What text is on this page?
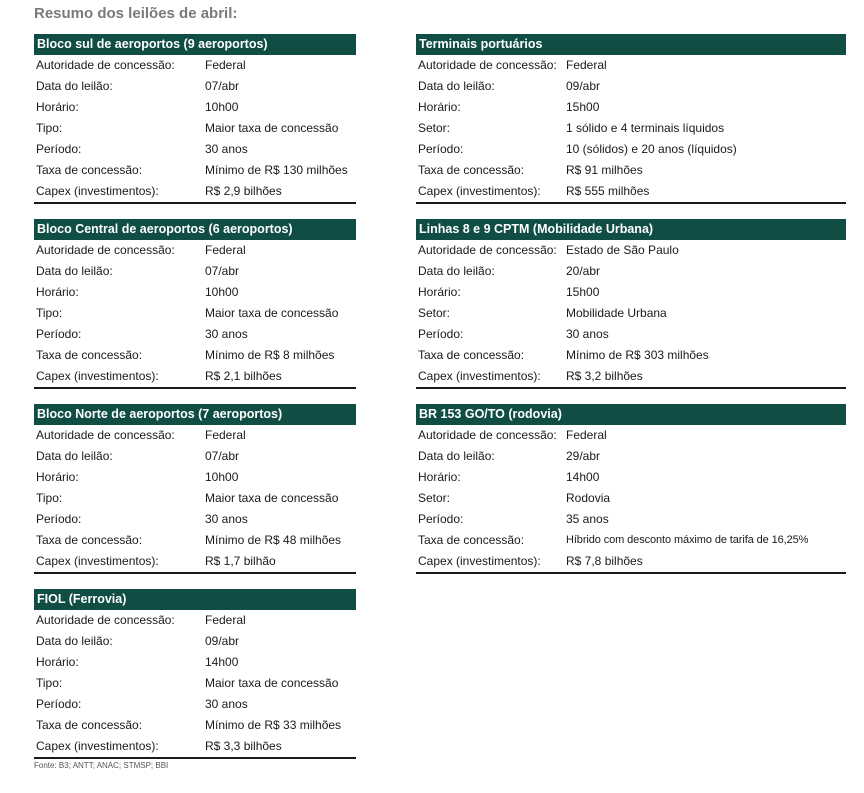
Resumo dos leilões de abril:
Bloco sul de aeroportos (9 aeroportos)
Autoridade de concessão:	Federal
Data do leilão:	07/abr
Horário:	10h00
Tipo:	Maior taxa de concessão
Período:	30 anos
Taxa de concessão:	Mínimo de R$ 130 milhões
Capex (investimentos):	R$ 2,9 bilhões
Bloco Central de aeroportos (6 aeroportos)
Autoridade de concessão:	Federal
Data do leilão:	07/abr
Horário:	10h00
Tipo:	Maior taxa de concessão
Período:	30 anos
Taxa de concessão:	Mínimo de R$ 8 milhões
Capex (investimentos):	R$ 2,1 bilhões
Bloco Norte de aeroportos (7 aeroportos)
Autoridade de concessão:	Federal
Data do leilão:	07/abr
Horário:	10h00
Tipo:	Maior taxa de concessão
Período:	30 anos
Taxa de concessão:	Mínimo de R$ 48 milhões
Capex (investimentos):	R$ 1,7 bilhão
FIOL (Ferrovia)
Autoridade de concessão:	Federal
Data do leilão:	09/abr
Horário:	14h00
Tipo:	Maior taxa de concessão
Período:	30 anos
Taxa de concessão:	Mínimo de R$ 33 milhões
Capex (investimentos):	R$ 3,3 bilhões
Terminais portuários
Autoridade de concessão: Federal
Data do leilão:	09/abr
Horário:	15h00
Setor:	1 sólido e 4 terminais líquidos
Período:	10 (sólidos) e 20 anos (líquidos)
Taxa de concessão:	R$ 91 milhões
Capex (investimentos):	R$ 555 milhões
Linhas 8 e 9 CPTM (Mobilidade Urbana)
Autoridade de concessão: Estado de São Paulo
Data do leilão:	20/abr
Horário:	15h00
Setor:	Mobilidade Urbana
Período:	30 anos
Taxa de concessão:	Mínimo de R$ 303 milhões
Capex (investimentos):	R$ 3,2 bilhões
BR 153 GO/TO (rodovia)
Autoridade de concessão: Federal
Data do leilão:	29/abr
Horário:	14h00
Setor:	Rodovia
Período:	35 anos
Taxa de concessão:	Híbrido com desconto máximo de tarifa de 16,25%
Capex (investimentos):	R$ 7,8 bilhões
Fonte: B3; ANTT; ANAC; STMSP; BBI
